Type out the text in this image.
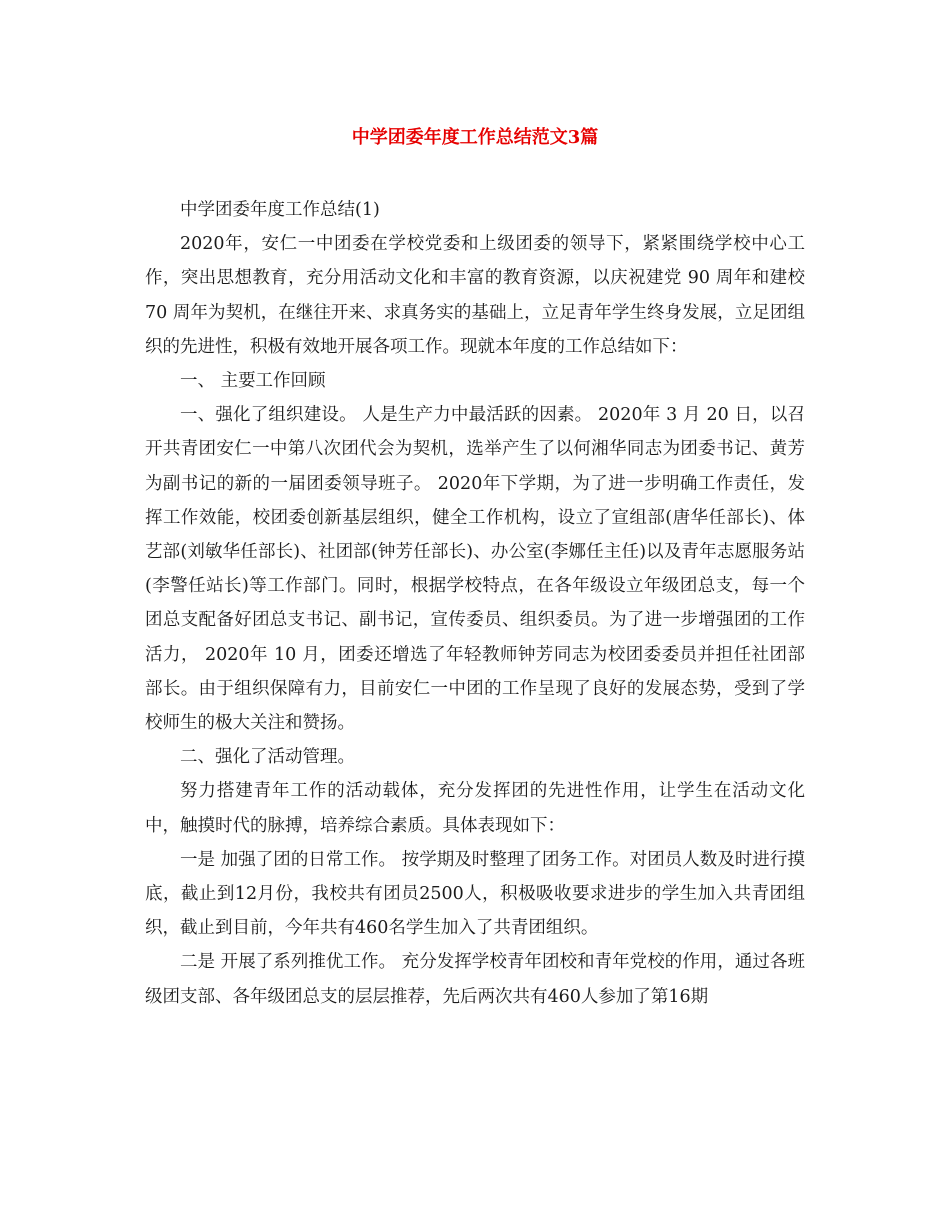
中学团委年度工作总结范文3篇

中学团委年度工作总结(1)

2020年，安仁一中团委在学校党委和上级团委的领导下，紧紧围绕学校中心工作，突出思想教育，充分用活动文化和丰富的教育资源，以庆祝建党 90 周年和建校 70 周年为契机，在继往开来、求真务实的基础上，立足青年学生终身发展，立足团组织的先进性，积极有效地开展各项工作。现就本年度的工作总结如下：

一、 主要工作回顾

一、强化了组织建设。 人是生产力中最活跃的因素。 2020年 3 月 20 日，以召开共青团安仁一中第八次团代会为契机，选举产生了以何湘华同志为团委书记、黄芳为副书记的新的一届团委领导班子。 2020年下学期，为了进一步明确工作责任，发挥工作效能，校团委创新基层组织，健全工作机构，设立了宣组部(唐华任部长)、体艺部(刘敏华任部长)、社团部(钟芳任部长)、办公室(李娜任主任)以及青年志愿服务站(李警任站长)等工作部门。同时，根据学校特点，在各年级设立年级团总支，每一个团总支配备好团总支书记、副书记，宣传委员、组织委员。为了进一步增强团的工作活力， 2020年 10 月，团委还增选了年轻教师钟芳同志为校团委委员并担任社团部部长。由于组织保障有力，目前安仁一中团的工作呈现了良好的发展态势，受到了学校师生的极大关注和赞扬。

二、强化了活动管理。

努力搭建青年工作的活动载体，充分发挥团的先进性作用，让学生在活动文化中，触摸时代的脉搏，培养综合素质。具体表现如下：

一是 加强了团的日常工作。 按学期及时整理了团务工作。对团员人数及时进行摸底，截止到12月份，我校共有团员2500人，积极吸收要求进步的学生加入共青团组织，截止到目前，今年共有460名学生加入了共青团组织。

二是 开展了系列推优工作。 充分发挥学校青年团校和青年党校的作用，通过各班级团支部、各年级团总支的层层推荐，先后两次共有460人参加了第16期
